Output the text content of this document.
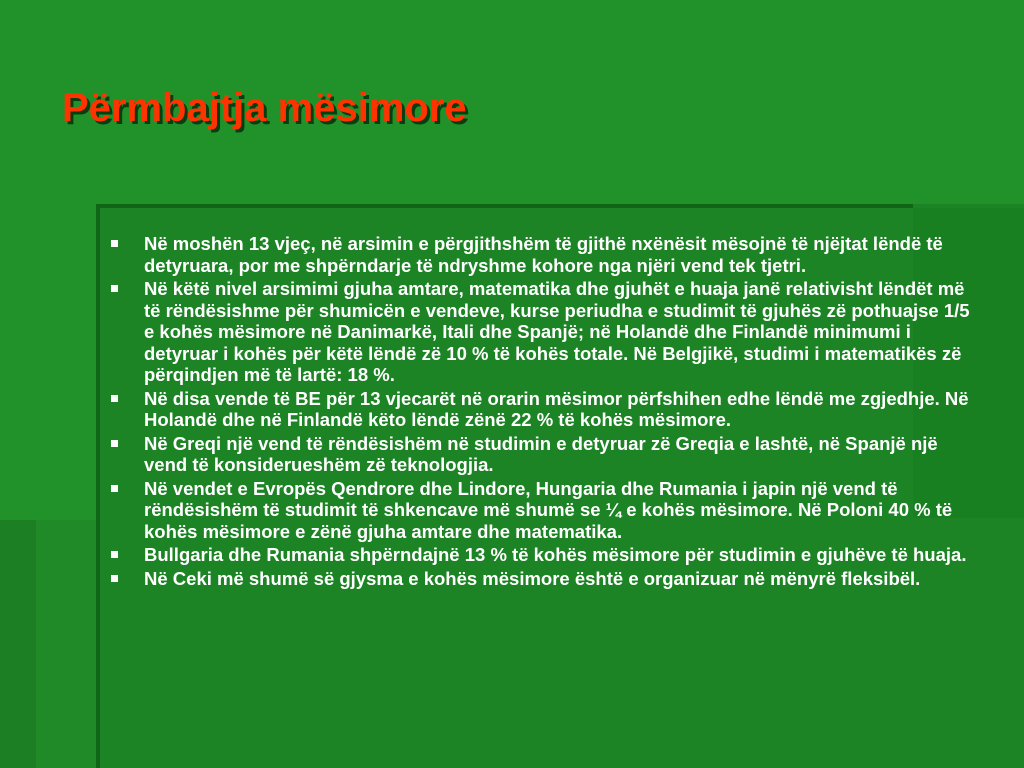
Përmbajtja mësimore
Në moshën 13 vjeç, në arsimin e përgjithshëm të gjithë nxënësit mësojnë të njëjtat lëndë të detyruara, por me shpërndarje të ndryshme kohore nga njëri vend tek tjetri.
Në këtë nivel arsimimi gjuha amtare, matematika dhe gjuhët e huaja janë relativisht lëndët më të rëndësishme për shumicën e vendeve, kurse periudha e studimit të gjuhës zë pothuajse 1/5 e kohës mësimore në Danimarkë, Itali dhe Spanjë; në Holandë dhe Finlandë minimumi i detyruar i kohës për këtë lëndë zë 10 % të kohës totale. Në Belgjikë, studimi i matematikës zë përqindjen më të lartë: 18 %.
Në disa vende të BE për 13 vjecarët në orarin mësimor përfshihen edhe lëndë me zgjedhje. Në Holandë dhe në Finlandë këto lëndë zënë 22 % të kohës mësimore.
Në Greqi një vend të rëndësishëm në studimin e detyruar zë Greqia e lashtë, në Spanjë një vend të konsiderueshëm zë teknologjia.
Në vendet e Evropës Qendrore dhe Lindore, Hungaria dhe Rumania i japin një vend të rëndësishëm të studimit të shkencave më shumë se ¼ e kohës mësimore. Në Poloni 40 % të kohës mësimore e zënë gjuha amtare dhe matematika.
Bullgaria dhe Rumania shpërndajnë 13 % të kohës mësimore për studimin e gjuhëve të huaja.
Në Ceki më shumë së gjysma e kohës mësimore është e organizuar në mënyrë fleksibël.
